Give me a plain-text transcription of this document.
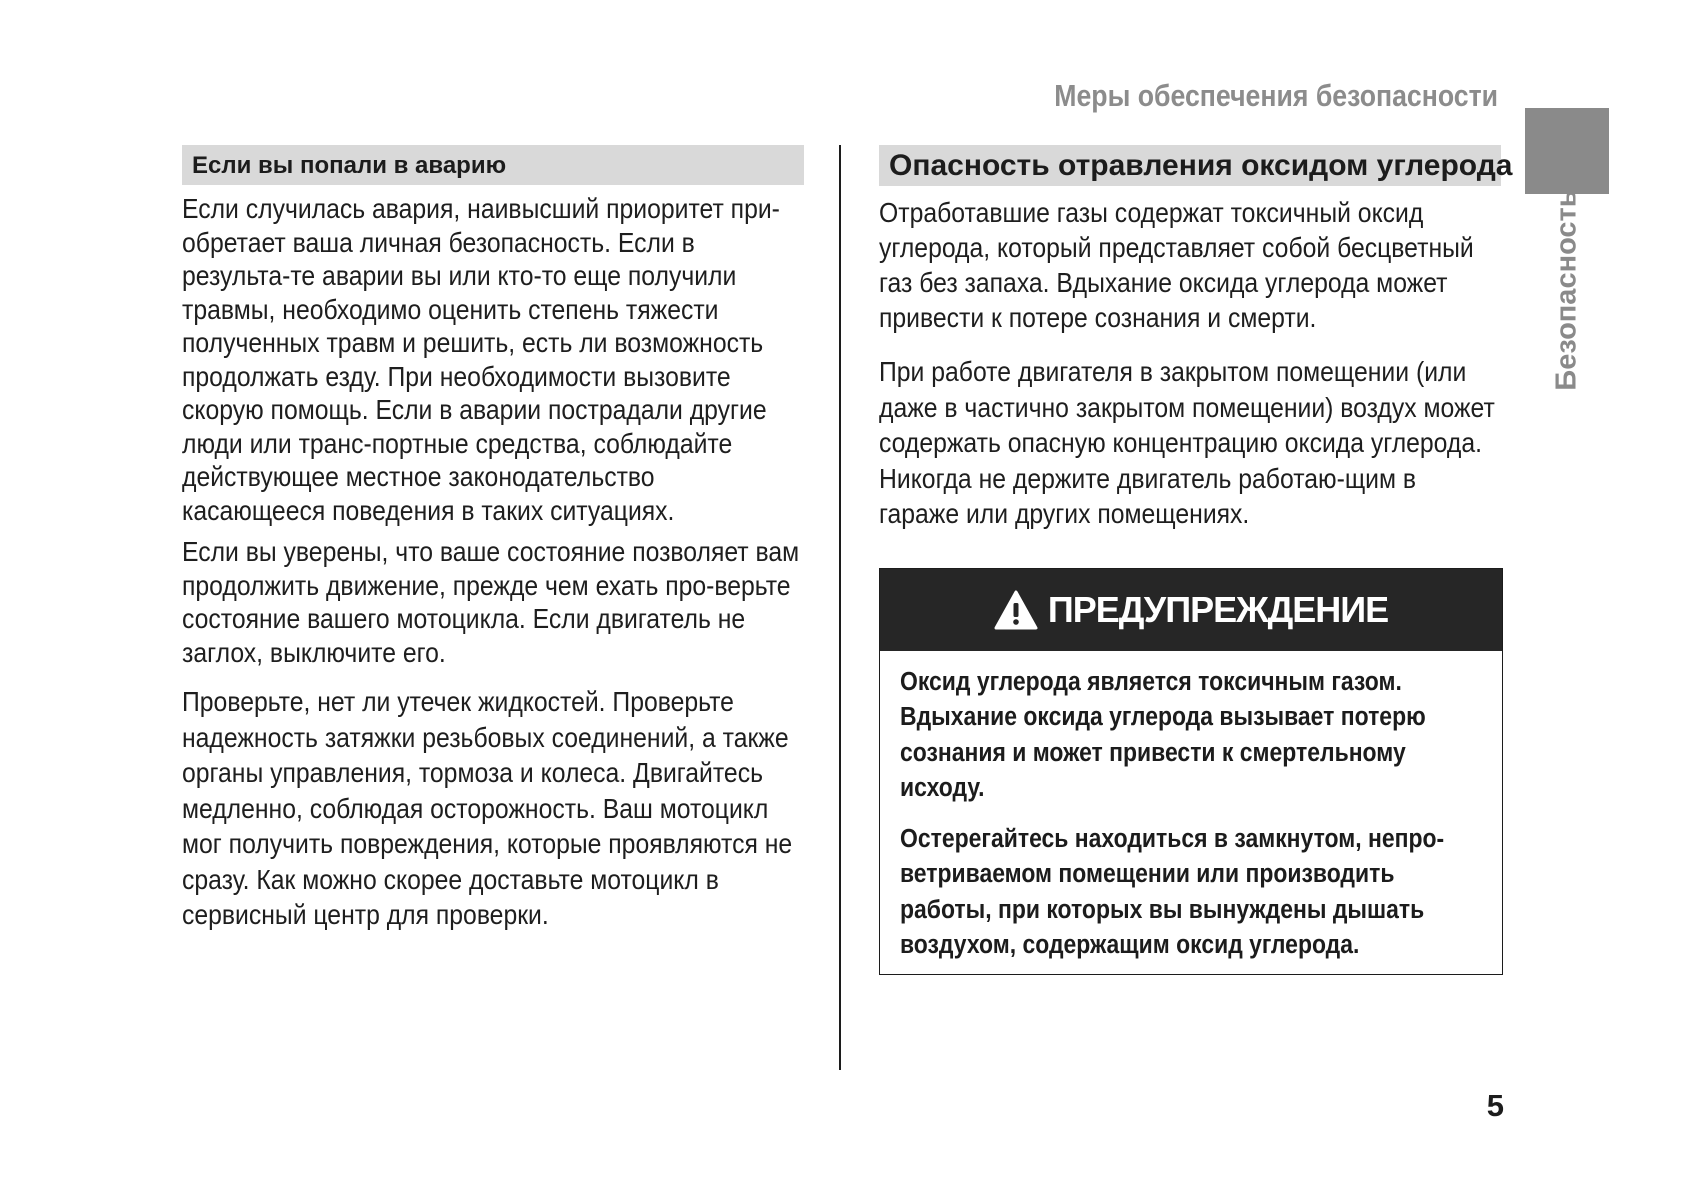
Меры обеспечения безопасности
Безопасность
Если вы попали в аварию

Если случилась авария, наивысший приоритет при-обретает ваша личная безопасность. Если в результа-те аварии вы или кто-то еще получили травмы, необходимо оценить степень тяжести полученных травм и решить, есть ли возможность продолжать езду. При необходимости вызовите скорую помощь. Если в аварии пострадали другие люди или транс-портные средства, соблюдайте действующее местное законодательство касающееся поведения в таких ситуациях.

Если вы уверены, что ваше состояние позволяет вам продолжить движение, прежде чем ехать про-верьте состояние вашего мотоцикла. Если двигатель не заглох, выключите его.

Проверьте, нет ли утечек жидкостей. Проверьте надежность затяжки резьбовых соединений, а также органы управления, тормоза и колеса. Двигайтесь медленно, соблюдая осторожность. Ваш мотоцикл мог получить повреждения, которые проявляются не сразу. Как можно скорее доставьте мотоцикл в сервисный центр для проверки.

Опасность отравления оксидом углерода

Отработавшие газы содержат токсичный оксид углерода, который представляет собой бесцветный газ без запаха. Вдыхание оксида углерода может привести к потере сознания и смерти.

При работе двигателя в закрытом помещении (или даже в частично закрытом помещении) воздух может содержать опасную концентрацию оксида углерода. Никогда не держите двигатель работаю-щим в гараже или других помещениях.

ПРЕДУПРЕЖДЕНИЕ

Оксид углерода является токсичным газом. Вдыхание оксида углерода вызывает потерю сознания и может привести к смертельному исходу.

Остерегайтесь находиться в замкнутом, непро-ветриваемом помещении или производить работы, при которых вы вынуждены дышать воздухом, содержащим оксид углерода.

5
